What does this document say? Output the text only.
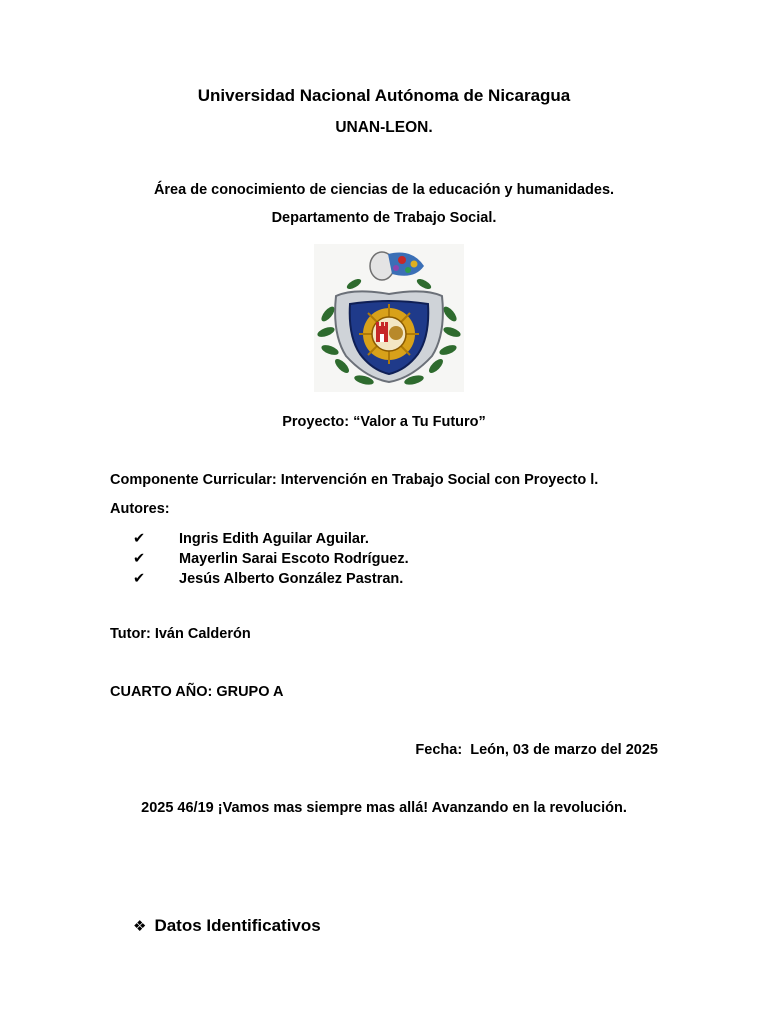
Universidad Nacional Autónoma de Nicaragua
UNAN-LEON.
Área de conocimiento de ciencias de la educación y humanidades.
Departamento de Trabajo Social.
Proyecto: “Valor a Tu Futuro”
Componente Curricular: Intervención en Trabajo Social con Proyecto l.
Autores:
✔ Ingris Edith Aguilar Aguilar.
✔ Mayerlin Sarai Escoto Rodríguez.
✔ Jesús Alberto González Pastran.
Tutor: Iván Calderón
CUARTO AÑO: GRUPO A
Fecha:  León, 03 de marzo del 2025
2025 46/19 ¡Vamos mas siempre mas allá! Avanzando en la revolución.
❖ Datos Identificativos
